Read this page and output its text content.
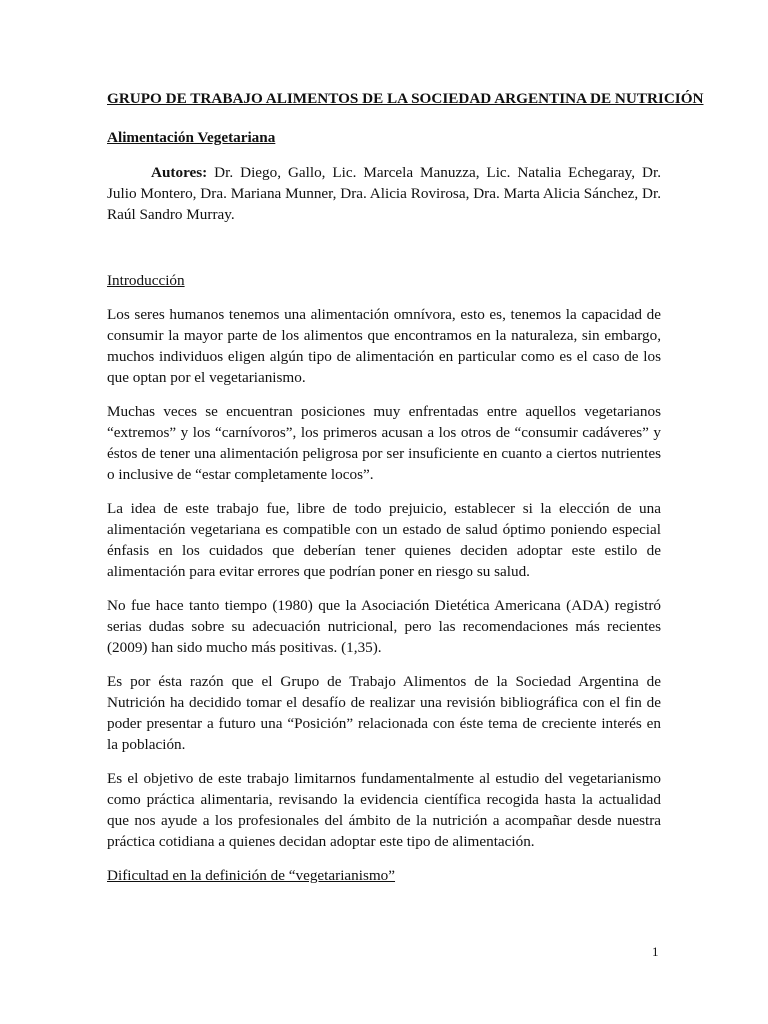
GRUPO DE TRABAJO ALIMENTOS DE LA SOCIEDAD ARGENTINA DE NUTRICIÓN
Alimentación Vegetariana

Autores: Dr. Diego, Gallo, Lic. Marcela Manuzza, Lic. Natalia Echegaray, Dr. Julio Montero, Dra. Mariana Munner, Dra. Alicia Rovirosa, Dra. Marta Alicia Sánchez, Dr. Raúl Sandro Murray.

Introducción

Los seres humanos tenemos una alimentación omnívora, esto es, tenemos la capacidad de consumir la mayor parte de los alimentos que encontramos en la naturaleza, sin embargo, muchos individuos eligen algún tipo de alimentación en particular como es el caso de los que optan por el vegetarianismo.

Muchas veces se encuentran posiciones muy enfrentadas entre aquellos vegetarianos “extremos” y los “carnívoros”, los primeros acusan a los otros de “consumir cadáveres” y éstos de tener una alimentación peligrosa por ser insuficiente en cuanto a ciertos nutrientes o inclusive de “estar completamente locos”.

La idea de este trabajo fue, libre de todo prejuicio, establecer si la elección de una alimentación vegetariana es compatible con un estado de salud óptimo poniendo especial énfasis en los cuidados que deberían tener quienes deciden adoptar este estilo de alimentación para evitar errores que podrían poner en riesgo su salud.

No fue hace tanto tiempo (1980) que la Asociación Dietética Americana (ADA) registró serias dudas sobre su adecuación nutricional, pero las recomendaciones más recientes (2009) han sido mucho más positivas. (1,35).

Es por ésta razón que el Grupo de Trabajo Alimentos de la Sociedad Argentina de Nutrición ha decidido tomar el desafío de realizar una revisión bibliográfica con el fin de poder presentar a futuro una “Posición” relacionada con éste tema de creciente interés en la población.

Es el objetivo de este trabajo limitarnos fundamentalmente al estudio del vegetarianismo como práctica alimentaria, revisando la evidencia científica recogida hasta la actualidad que nos ayude a los profesionales del ámbito de la nutrición a acompañar desde nuestra práctica cotidiana a quienes decidan adoptar este tipo de alimentación.

Dificultad en la definición de “vegetarianismo”
1
